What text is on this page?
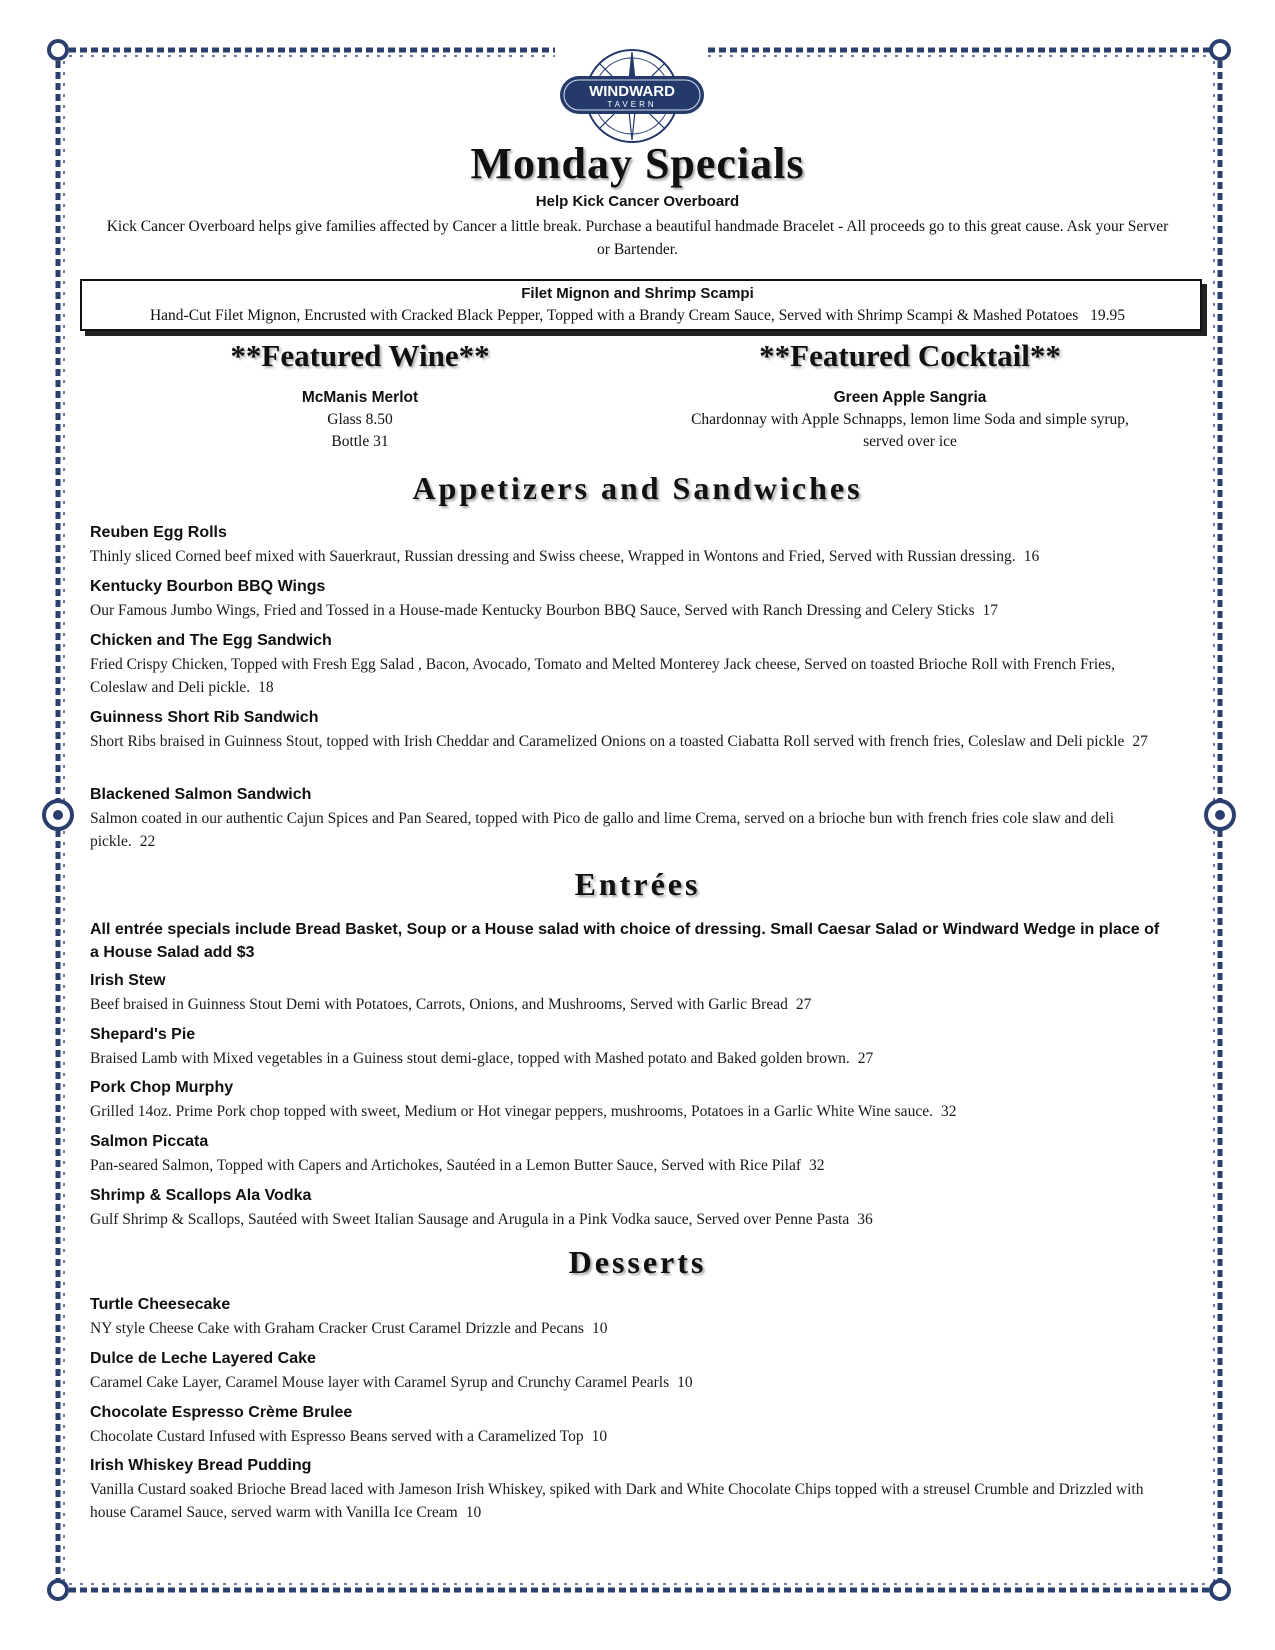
WINDWARD
TAVERN
Monday Specials
Help Kick Cancer Overboard
Kick Cancer Overboard helps give families affected by Cancer a little break. Purchase a beautiful handmade Bracelet - All proceeds go to this great cause. Ask your Server or Bartender.
Filet Mignon and Shrimp Scampi
Hand-Cut Filet Mignon, Encrusted with Cracked Black Pepper, Topped with a Brandy Cream Sauce, Served with Shrimp Scampi & Mashed Potatoes 19.95
**Featured Wine**
McManis Merlot
Glass 8.50
Bottle 31
**Featured Cocktail**
Green Apple Sangria
Chardonnay with Apple Schnapps, lemon lime Soda and simple syrup,
served over ice
Appetizers and Sandwiches
Reuben Egg Rolls
Thinly sliced Corned beef mixed with Sauerkraut, Russian dressing and Swiss cheese, Wrapped in Wontons and Fried, Served with Russian dressing. 16
Kentucky Bourbon BBQ Wings
Our Famous Jumbo Wings, Fried and Tossed in a House-made Kentucky Bourbon BBQ Sauce, Served with Ranch Dressing and Celery Sticks 17
Chicken and The Egg Sandwich
Fried Crispy Chicken, Topped with Fresh Egg Salad , Bacon, Avocado, Tomato and Melted Monterey Jack cheese, Served on toasted Brioche Roll with French Fries, Coleslaw and Deli pickle. 18
Guinness Short Rib Sandwich
Short Ribs braised in Guinness Stout, topped with Irish Cheddar and Caramelized Onions on a toasted Ciabatta Roll served with french fries, Coleslaw and Deli pickle 27
Blackened Salmon Sandwich
Salmon coated in our authentic Cajun Spices and Pan Seared, topped with Pico de gallo and lime Crema, served on a brioche bun with french fries cole slaw and deli pickle. 22
Entrées
All entrée specials include Bread Basket, Soup or a House salad with choice of dressing. Small Caesar Salad or Windward Wedge in place of a House Salad add $3
Irish Stew
Beef braised in Guinness Stout Demi with Potatoes, Carrots, Onions, and Mushrooms, Served with Garlic Bread 27
Shepard's Pie
Braised Lamb with Mixed vegetables in a Guiness stout demi-glace, topped with Mashed potato and Baked golden brown. 27
Pork Chop Murphy
Grilled 14oz. Prime Pork chop topped with sweet, Medium or Hot vinegar peppers, mushrooms, Potatoes in a Garlic White Wine sauce. 32
Salmon Piccata
Pan-seared Salmon, Topped with Capers and Artichokes, Sautéed in a Lemon Butter Sauce, Served with Rice Pilaf 32
Shrimp & Scallops Ala Vodka
Gulf Shrimp & Scallops, Sautéed with Sweet Italian Sausage and Arugula in a Pink Vodka sauce, Served over Penne Pasta 36
Desserts
Turtle Cheesecake
NY style Cheese Cake with Graham Cracker Crust Caramel Drizzle and Pecans 10
Dulce de Leche Layered Cake
Caramel Cake Layer, Caramel Mouse layer with Caramel Syrup and Crunchy Caramel Pearls 10
Chocolate Espresso Crème Brulee
Chocolate Custard Infused with Espresso Beans served with a Caramelized Top 10
Irish Whiskey Bread Pudding
Vanilla Custard soaked Brioche Bread laced with Jameson Irish Whiskey, spiked with Dark and White Chocolate Chips topped with a streusel Crumble and Drizzled with house Caramel Sauce, served warm with Vanilla Ice Cream 10
